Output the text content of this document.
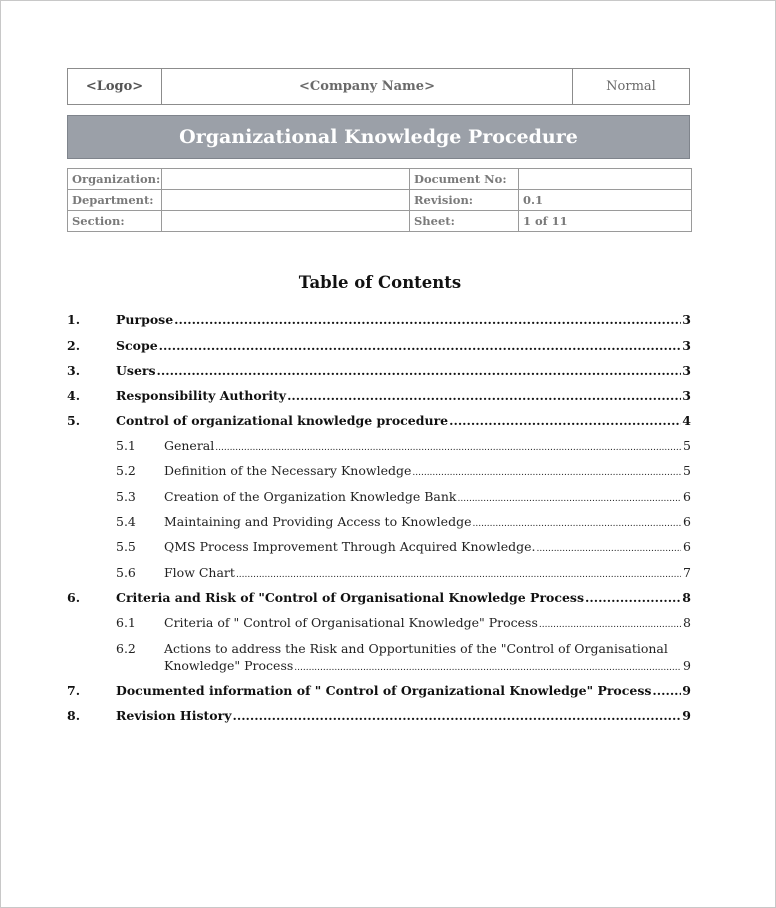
<Logo>	<Company Name>	Normal
Organizational Knowledge Procedure
Organization:		Document No:	
Department:		Revision:	0.1
Section:		Sheet:	1 of 11
Table of Contents
1.	Purpose .....	3
2.	Scope .....	3
3.	Users .....	3
4.	Responsibility Authority .....	3
5.	Control of organizational knowledge procedure .....	4
5.1	General .....	5
5.2	Definition of the Necessary Knowledge .....	5
5.3	Creation of the Organization Knowledge Bank .....	6
5.4	Maintaining and Providing Access to Knowledge .....	6
5.5	QMS Process Improvement Through Acquired Knowledge. .....	6
5.6	Flow Chart .....	7
6.	Criteria and Risk of "Control of Organisational Knowledge Process .....	8
6.1	Criteria of " Control of Organisational Knowledge" Process .....	8
6.2	Actions to address the Risk and Opportunities of the "Control of Organisational
Knowledge" Process .....	9
7.	Documented information of " Control of Organizational Knowledge" Process ..... 9
8.	Revision History .....	9
